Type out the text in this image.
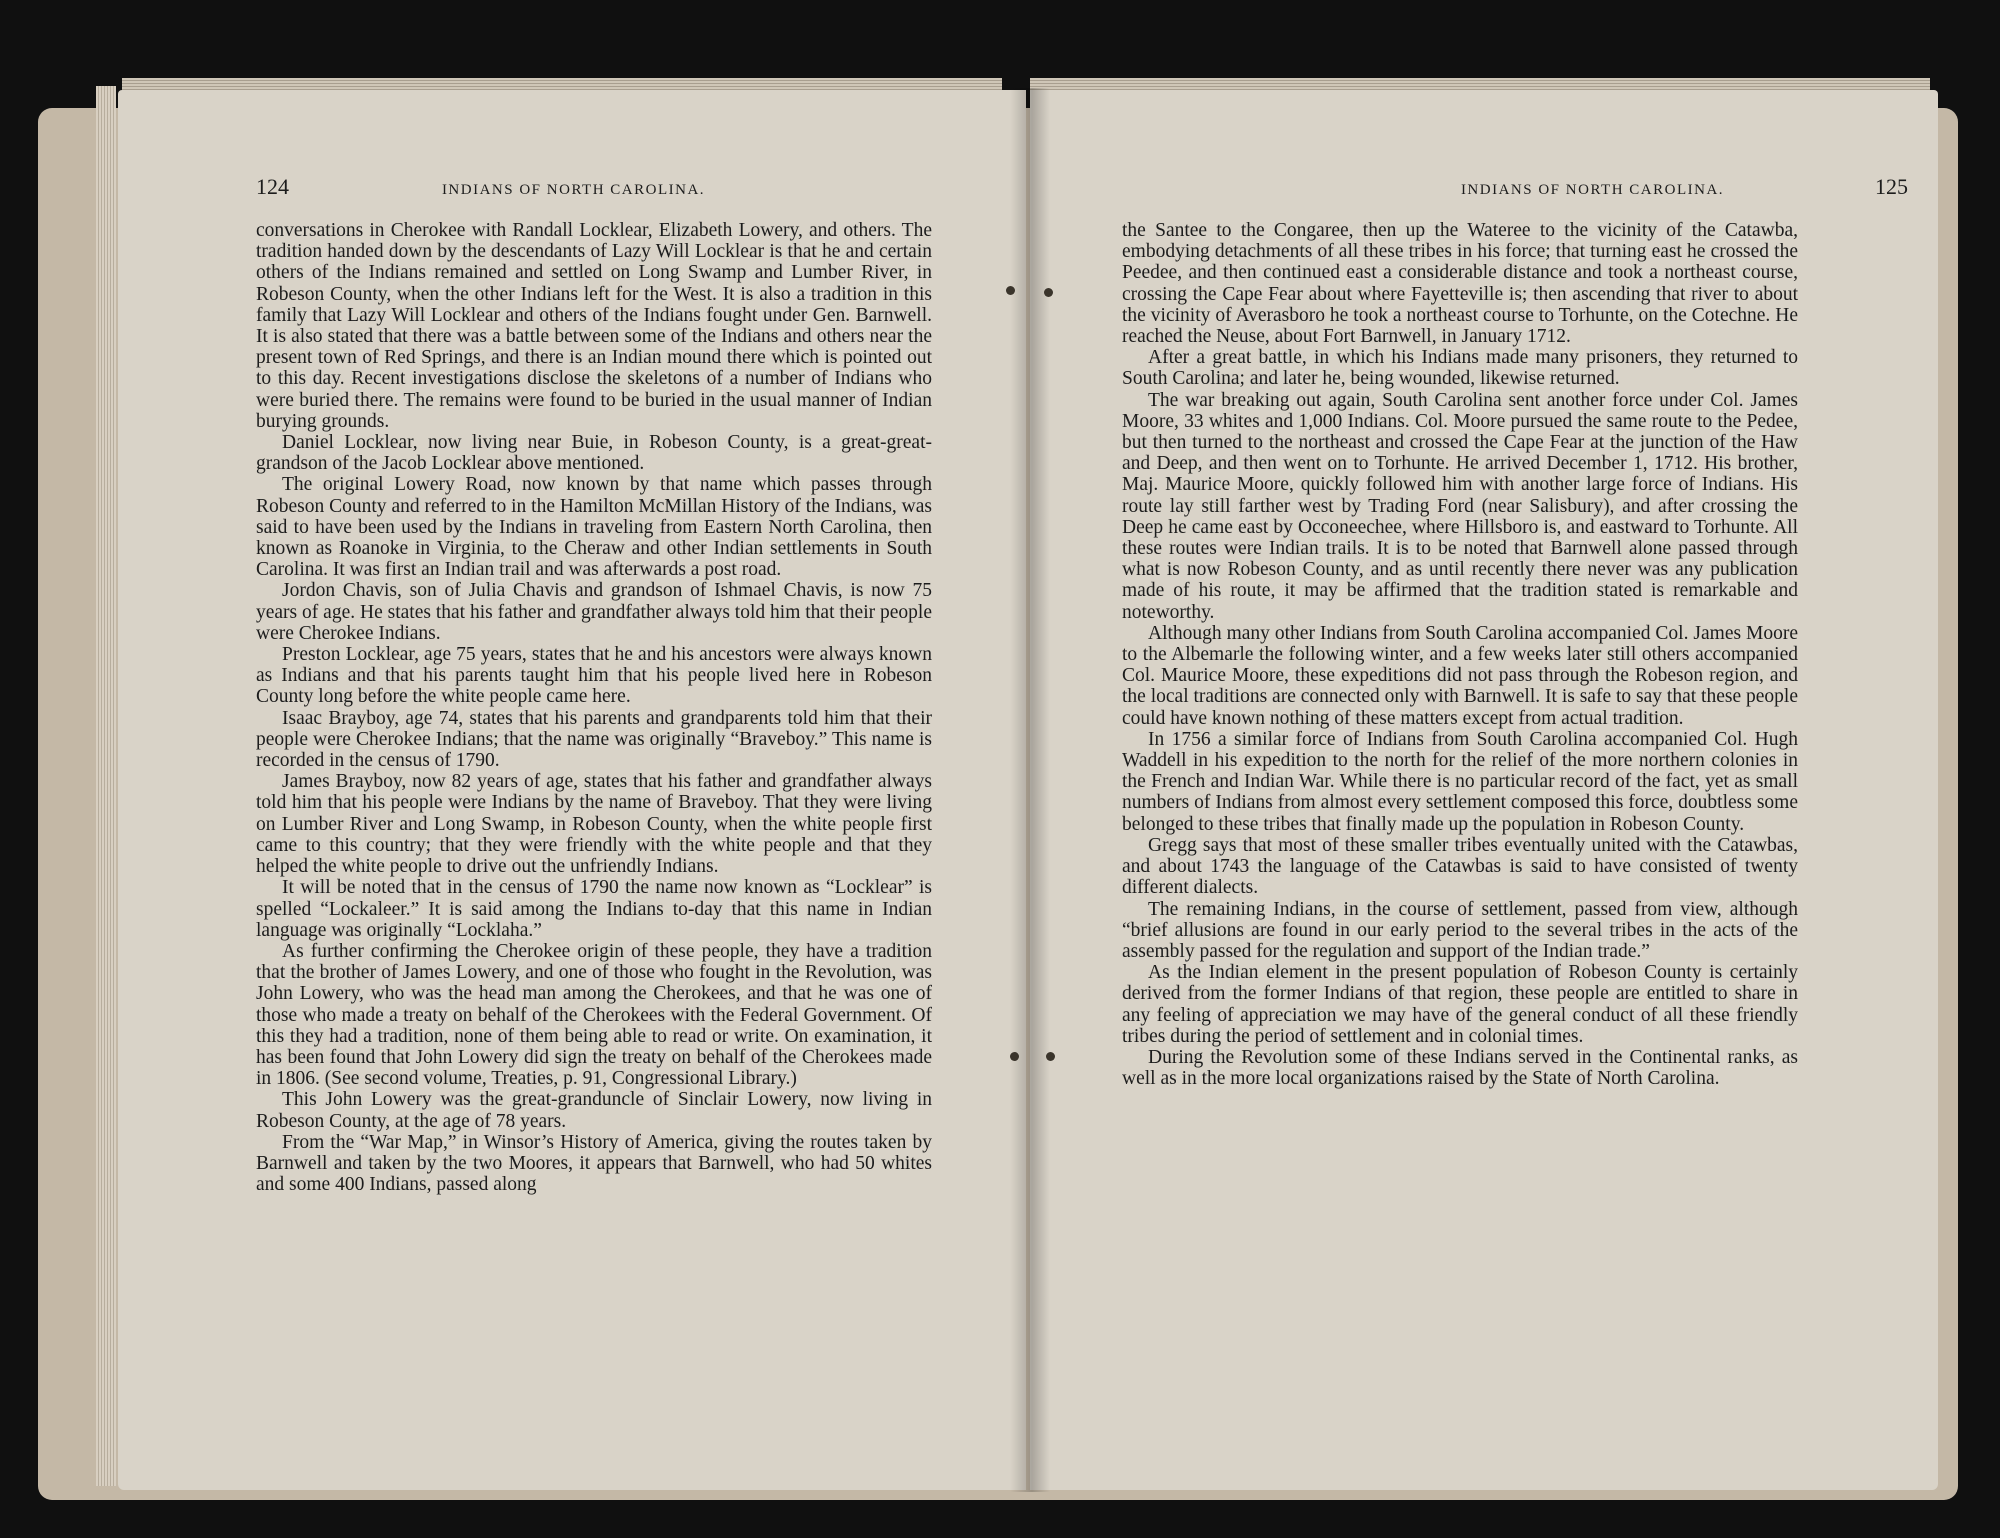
124	INDIANS OF NORTH CAROLINA.

conversations in Cherokee with Randall Locklear, Elizabeth Lowery, and others. The tradition handed down by the descendants of Lazy Will Locklear is that he and certain others of the Indians remained and settled on Long Swamp and Lumber River, in Robeson County, when the other Indians left for the West. It is also a tradition in this family that Lazy Will Locklear and others of the Indians fought under Gen. Barnwell. It is also stated that there was a battle between some of the Indians and others near the present town of Red Springs, and there is an Indian mound there which is pointed out to this day. Recent investigations disclose the skeletons of a number of Indians who were buried there. The remains were found to be buried in the usual manner of Indian burying grounds.

Daniel Locklear, now living near Buie, in Robeson County, is a great-great-grandson of the Jacob Locklear above mentioned.

The original Lowery Road, now known by that name which passes through Robeson County and referred to in the Hamilton McMillan History of the Indians, was said to have been used by the Indians in traveling from Eastern North Carolina, then known as Roanoke in Virginia, to the Cheraw and other Indian settlements in South Carolina. It was first an Indian trail and was afterwards a post road.

Jordon Chavis, son of Julia Chavis and grandson of Ishmael Chavis, is now 75 years of age. He states that his father and grandfather always told him that their people were Cherokee Indians.

Preston Locklear, age 75 years, states that he and his ancestors were always known as Indians and that his parents taught him that his people lived here in Robeson County long before the white people came here.

Isaac Brayboy, age 74, states that his parents and grandparents told him that their people were Cherokee Indians; that the name was originally “Braveboy.” This name is recorded in the census of 1790.

James Brayboy, now 82 years of age, states that his father and grandfather always told him that his people were Indians by the name of Braveboy. That they were living on Lumber River and Long Swamp, in Robeson County, when the white people first came to this country; that they were friendly with the white people and that they helped the white people to drive out the unfriendly Indians.

It will be noted that in the census of 1790 the name now known as “Locklear” is spelled “Lockaleer.” It is said among the Indians to-day that this name in Indian language was originally “Locklaha.”

As further confirming the Cherokee origin of these people, they have a tradition that the brother of James Lowery, and one of those who fought in the Revolution, was John Lowery, who was the head man among the Cherokees, and that he was one of those who made a treaty on behalf of the Cherokees with the Federal Government. Of this they had a tradition, none of them being able to read or write. On examination, it has been found that John Lowery did sign the treaty on behalf of the Cherokees made in 1806. (See second volume, Treaties, p. 91, Congressional Library.)

This John Lowery was the great-granduncle of Sinclair Lowery, now living in Robeson County, at the age of 78 years.

From the “War Map,” in Winsor’s History of America, giving the routes taken by Barnwell and taken by the two Moores, it appears that Barnwell, who had 50 whites and some 400 Indians, passed along

INDIANS OF NORTH CAROLINA.	125

the Santee to the Congaree, then up the Wateree to the vicinity of the Catawba, embodying detachments of all these tribes in his force; that turning east he crossed the Peedee, and then continued east a considerable distance and took a northeast course, crossing the Cape Fear about where Fayetteville is; then ascending that river to about the vicinity of Averasboro he took a northeast course to Torhunte, on the Cotechne. He reached the Neuse, about Fort Barnwell, in January 1712.

After a great battle, in which his Indians made many prisoners, they returned to South Carolina; and later he, being wounded, likewise returned.

The war breaking out again, South Carolina sent another force under Col. James Moore, 33 whites and 1,000 Indians. Col. Moore pursued the same route to the Pedee, but then turned to the northeast and crossed the Cape Fear at the junction of the Haw and Deep, and then went on to Torhunte. He arrived December 1, 1712. His brother, Maj. Maurice Moore, quickly followed him with another large force of Indians. His route lay still farther west by Trading Ford (near Salisbury), and after crossing the Deep he came east by Occoneechee, where Hillsboro is, and eastward to Torhunte. All these routes were Indian trails. It is to be noted that Barnwell alone passed through what is now Robeson County, and as until recently there never was any publication made of his route, it may be affirmed that the tradition stated is remarkable and noteworthy.

Although many other Indians from South Carolina accompanied Col. James Moore to the Albemarle the following winter, and a few weeks later still others accompanied Col. Maurice Moore, these expeditions did not pass through the Robeson region, and the local traditions are connected only with Barnwell. It is safe to say that these people could have known nothing of these matters except from actual tradition.

In 1756 a similar force of Indians from South Carolina accompanied Col. Hugh Waddell in his expedition to the north for the relief of the more northern colonies in the French and Indian War. While there is no particular record of the fact, yet as small numbers of Indians from almost every settlement composed this force, doubtless some belonged to these tribes that finally made up the population in Robeson County.

Gregg says that most of these smaller tribes eventually united with the Catawbas, and about 1743 the language of the Catawbas is said to have consisted of twenty different dialects.

The remaining Indians, in the course of settlement, passed from view, although “brief allusions are found in our early period to the several tribes in the acts of the assembly passed for the regulation and support of the Indian trade.”

As the Indian element in the present population of Robeson County is certainly derived from the former Indians of that region, these people are entitled to share in any feeling of appreciation we may have of the general conduct of all these friendly tribes during the period of settlement and in colonial times.

During the Revolution some of these Indians served in the Continental ranks, as well as in the more local organizations raised by the State of North Carolina.
